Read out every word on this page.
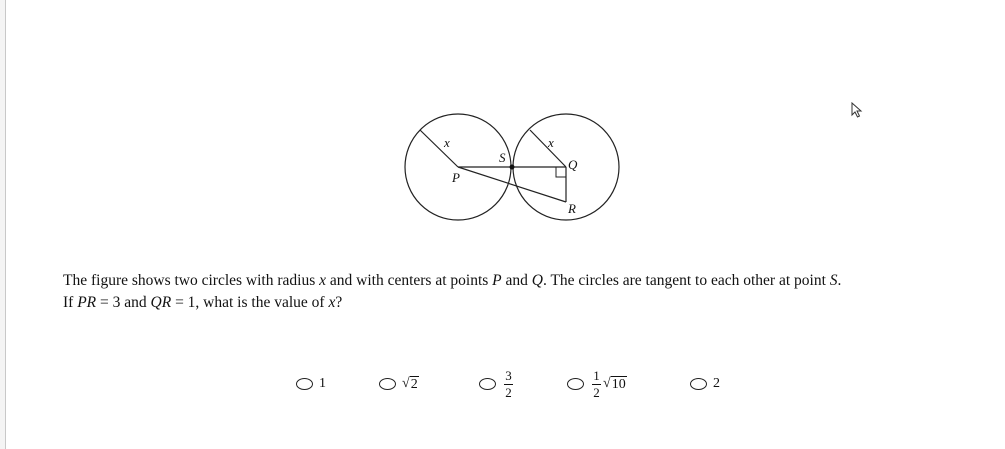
x	x
S
P
Q
R
The figure shows two circles with radius x and with centers at points P and Q. The circles are tangent to each other at point S.
If PR = 3 and QR = 1, what is the value of x?
1	√ 2	$\frac{3}{2}$	$\frac{1}{2}$ √ 10	2
